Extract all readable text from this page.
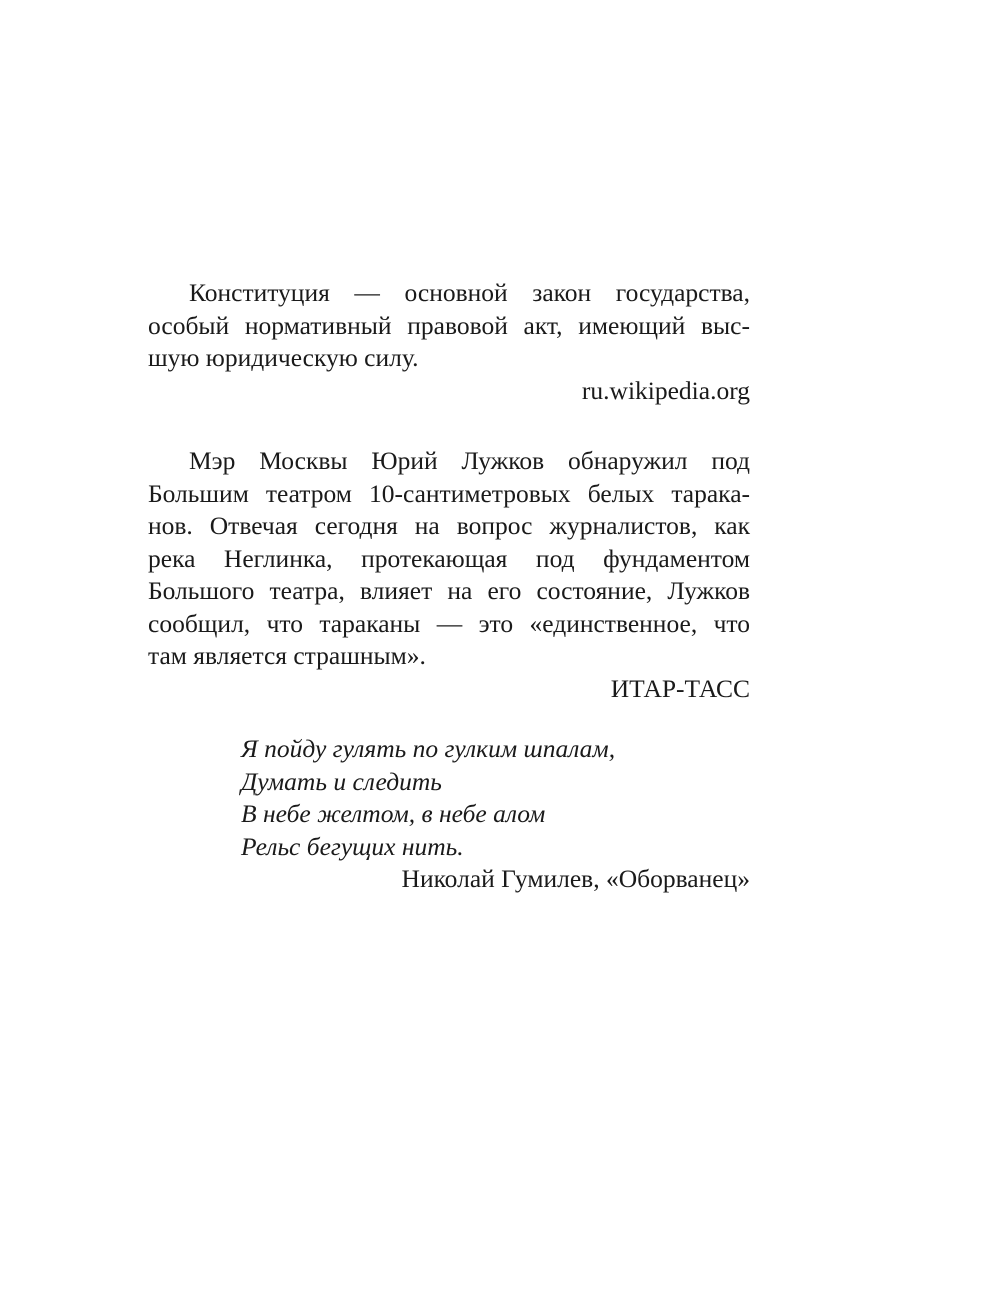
Конституция — основной закон государства,
особый нормативный правовой акт, имеющий выс-
шую юридическую силу.

ru.wikipedia.org

Мэр Москвы Юрий Лужков обнаружил под
Большим театром 10-сантиметровых белых тарака-
нов. Отвечая сегодня на вопрос журналистов, как
река Неглинка, протекающая под фундаментом
Большого театра, влияет на его состояние, Лужков
сообщил, что тараканы — это «единственное, что
там является страшным».

ИТАР-ТАСС

Я пойду гулять по гулким шпалам,
Думать и следить
В небе желтом, в небе алом
Рельс бегущих нить.

Николай Гумилев, «Оборванец»
